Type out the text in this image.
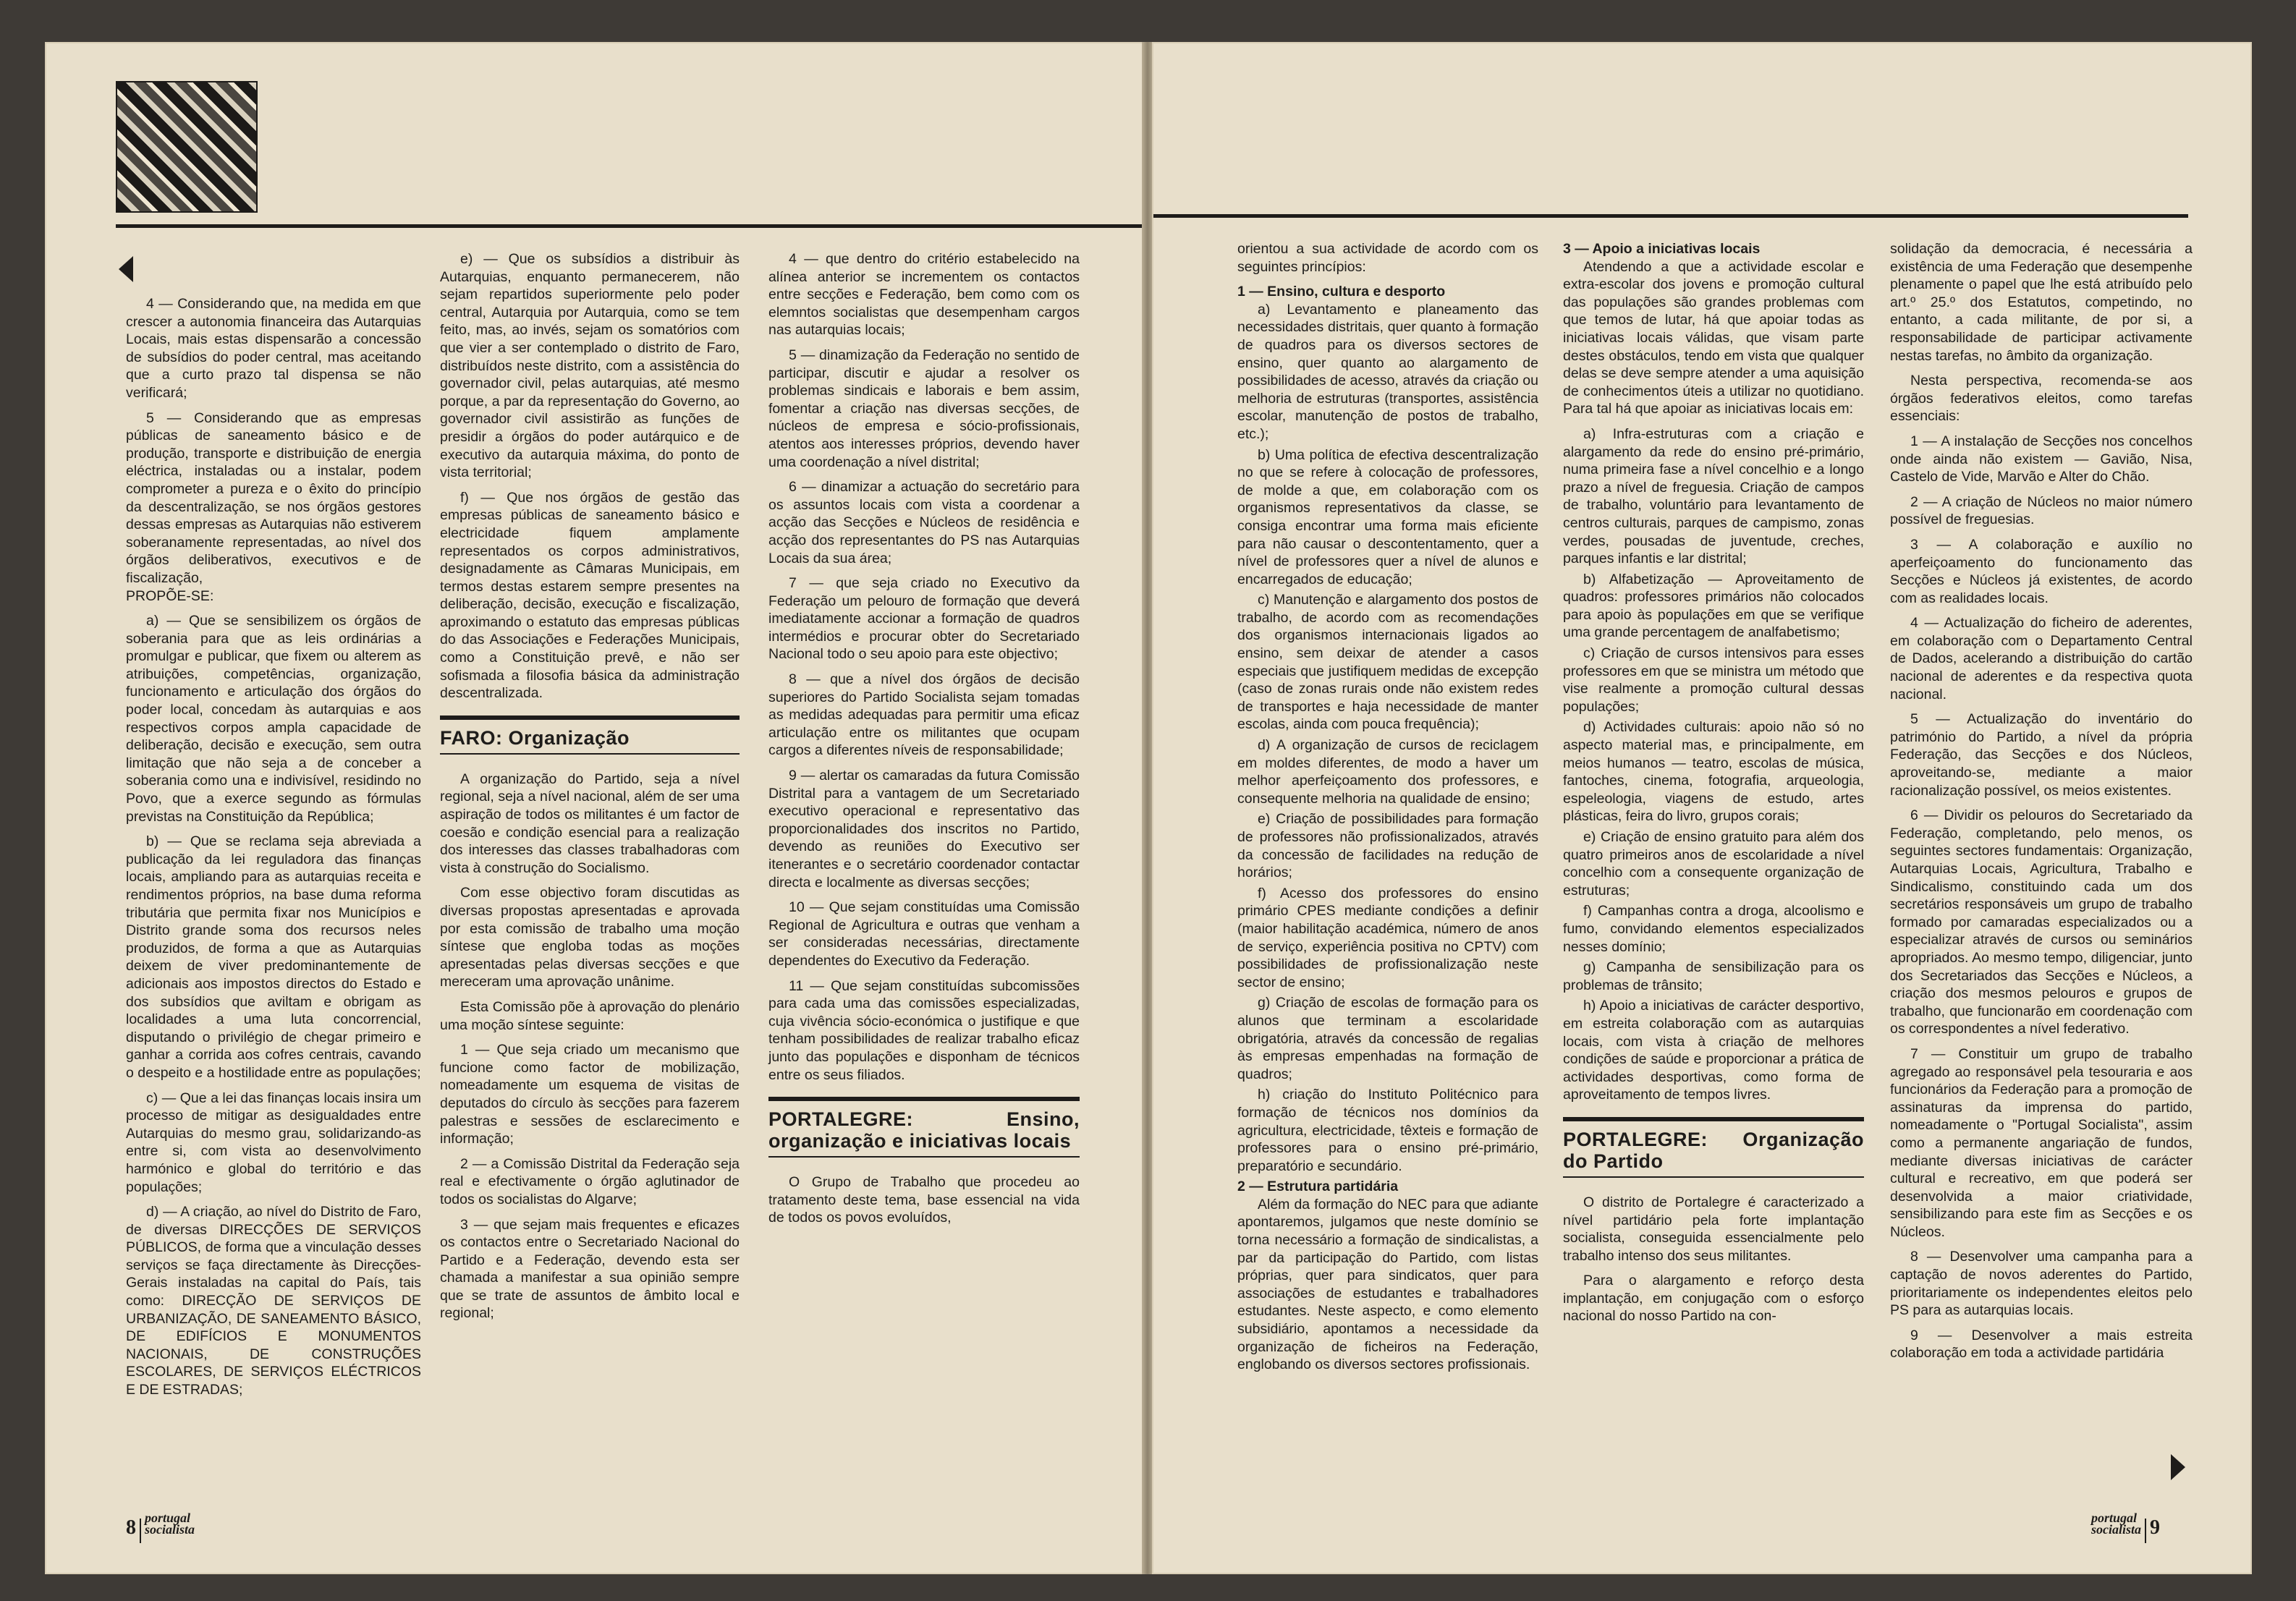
4 — Considerando que, na medida em que crescer a autonomia financeira das Autarquias Locais, mais estas dispensarão a concessão de subsídios do poder central, mas aceitando que a curto prazo tal dispensa se não verificará;

5 — Considerando que as empresas públicas de saneamento básico e de produção, transporte e distribuição de energia eléctrica, instaladas ou a instalar, podem comprometer a pureza e o êxito do princípio da descentralização, se nos órgãos gestores dessas empresas as Autarquias não estiverem soberanamente representadas, ao nível dos órgãos deliberativos, executivos e de fiscalização,
PROPÕE-SE:

a) — Que se sensibilizem os órgãos de soberania para que as leis ordinárias a promulgar e publicar, que fixem ou alterem as atribuições, competências, organização, funcionamento e articulação dos órgãos do poder local, concedam às autarquias e aos respectivos corpos ampla capacidade de deliberação, decisão e execução, sem outra limitação que não seja a de conceber a soberania como una e indivisível, residindo no Povo, que a exerce segundo as fórmulas previstas na Constituição da República;

b) — Que se reclama seja abreviada a publicação da lei reguladora das finanças locais, ampliando para as autarquias receita e rendimentos próprios, na base duma reforma tributária que permita fixar nos Municípios e Distrito grande soma dos recursos neles produzidos, de forma a que as Autarquias deixem de viver predominantemente de adicionais aos impostos directos do Estado e dos subsídios que aviltam e obrigam as localidades a uma luta concorrencial, disputando o privilégio de chegar primeiro e ganhar a corrida aos cofres centrais, cavando o despeito e a hostilidade entre as populações;

c) — Que a lei das finanças locais insira um processo de mitigar as desigualdades entre Autarquias do mesmo grau, solidarizando-as entre si, com vista ao desenvolvimento harmónico e global do território e das populações;

d) — A criação, ao nível do Distrito de Faro, de diversas DIRECÇÕES DE SERVIÇOS PÚBLICOS, de forma que a vinculação desses serviços se faça directamente às Direcções-Gerais instaladas na capital do País, tais como: DIRECÇÃO DE SERVIÇOS DE URBANIZAÇÃO, DE SANEAMENTO BÁSICO, DE EDIFÍCIOS E MONUMENTOS NACIONAIS, DE CONSTRUÇÕES ESCOLARES, DE SERVIÇOS ELÉCTRICOS E DE ESTRADAS;

e) — Que os subsídios a distribuir às Autarquias, enquanto permanecerem, não sejam repartidos superiormente pelo poder central, Autarquia por Autarquia, como se tem feito, mas, ao invés, sejam os somatórios com que vier a ser contemplado o distrito de Faro, distribuídos neste distrito, com a assistência do governador civil, pelas autarquias, até mesmo porque, a par da representação do Governo, ao governador civil assistirão as funções de presidir a órgãos do poder autárquico e de executivo da autarquia máxima, do ponto de vista territorial;

f) — Que nos órgãos de gestão das empresas públicas de saneamento básico e electricidade fiquem amplamente representados os corpos administrativos, designadamente as Câmaras Municipais, em termos destas estarem sempre presentes na deliberação, decisão, execução e fiscalização, aproximando o estatuto das empresas públicas do das Associações e Federações Municipais, como a Constituição prevê, e não ser sofismada a filosofia básica da administração descentralizada.

FARO: Organização

A organização do Partido, seja a nível regional, seja a nível nacional, além de ser uma aspiração de todos os militantes é um factor de coesão e condição esencial para a realização dos interesses das classes trabalhadoras com vista à construção do Socialismo.

Com esse objectivo foram discutidas as diversas propostas apresentadas e aprovada por esta comissão de trabalho uma moção síntese que engloba todas as moções apresentadas pelas diversas secções e que mereceram uma aprovação unânime.

Esta Comissão põe à aprovação do plenário uma moção síntese seguinte:

1 — Que seja criado um mecanismo que funcione como factor de mobilização, nomeadamente um esquema de visitas de deputados do círculo às secções para fazerem palestras e sessões de esclarecimento e informação;

2 — a Comissão Distrital da Federação seja real e efectivamente o órgão aglutinador de todos os socialistas do Algarve;

3 — que sejam mais frequentes e eficazes os contactos entre o Secretariado Nacional do Partido e a Federação, devendo esta ser chamada a manifestar a sua opinião sempre que se trate de assuntos de âmbito local e regional;

4 — que dentro do critério estabelecido na alínea anterior se incrementem os contactos entre secções e Federação, bem como com os elemntos socialistas que desempenham cargos nas autarquias locais;

5 — dinamização da Federação no sentido de participar, discutir e ajudar a resolver os problemas sindicais e laborais e bem assim, fomentar a criação nas diversas secções, de núcleos de empresa e sócio-profissionais, atentos aos interesses próprios, devendo haver uma coordenação a nível distrital;

6 — dinamizar a actuação do secretário para os assuntos locais com vista a coordenar a acção das Secções e Núcleos de residência e acção dos representantes do PS nas Autarquias Locais da sua área;

7 — que seja criado no Executivo da Federação um pelouro de formação que deverá imediatamente accionar a formação de quadros intermédios e procurar obter do Secretariado Nacional todo o seu apoio para este objectivo;

8 — que a nível dos órgãos de decisão superiores do Partido Socialista sejam tomadas as medidas adequadas para permitir uma eficaz articulação entre os militantes que ocupam cargos a diferentes níveis de responsabilidade;

9 — alertar os camaradas da futura Comissão Distrital para a vantagem de um Secretariado executivo operacional e representativo das proporcionalidades dos inscritos no Partido, devendo as reuniões do Executivo ser itenerantes e o secretário coordenador contactar directa e localmente as diversas secções;

10 — Que sejam constituídas uma Comissão Regional de Agricultura e outras que venham a ser consideradas necessárias, directamente dependentes do Executivo da Federação.

11 — Que sejam constituídas subcomissões para cada uma das comissões especializadas, cuja vivência sócio-económica o justifique e que tenham possibilidades de realizar trabalho eficaz junto das populações e disponham de técnicos entre os seus filiados.

PORTALEGRE: Ensino, organização e iniciativas locais

O Grupo de Trabalho que procedeu ao tratamento deste tema, base essencial na vida de todos os povos evoluídos,

orientou a sua actividade de acordo com os seguintes princípios:

1 — Ensino, cultura e desporto

a) Levantamento e planeamento das necessidades distritais, quer quanto à formação de quadros para os diversos sectores de ensino, quer quanto ao alargamento de possibilidades de acesso, através da criação ou melhoria de estruturas (transportes, assistência escolar, manutenção de postos de trabalho, etc.);

b) Uma política de efectiva descentralização no que se refere à colocação de professores, de molde a que, em colaboração com os organismos representativos da classe, se consiga encontrar uma forma mais eficiente para não causar o descontentamento, quer a nível de professores quer a nível de alunos e encarregados de educação;

c) Manutenção e alargamento dos postos de trabalho, de acordo com as recomendações dos organismos internacionais ligados ao ensino, sem deixar de atender a casos especiais que justifiquem medidas de excepção (caso de zonas rurais onde não existem redes de transportes e haja necessidade de manter escolas, ainda com pouca frequência);

d) A organização de cursos de reciclagem em moldes diferentes, de modo a haver um melhor aperfeiçoamento dos professores, e consequente melhoria na qualidade de ensino;

e) Criação de possibilidades para formação de professores não profissionalizados, através da concessão de facilidades na redução de horários;

f) Acesso dos professores do ensino primário CPES mediante condições a definir (maior habilitação académica, número de anos de serviço, experiência positiva no CPTV) com possibilidades de profissionalização neste sector de ensino;

g) Criação de escolas de formação para os alunos que terminam a escolaridade obrigatória, através da concessão de regalias às empresas empenhadas na formação de quadros;

h) criação do Instituto Politécnico para formação de técnicos nos domínios da agricultura, electricidade, têxteis e formação de professores para o ensino pré-primário, preparatório e secundário.

2 — Estrutura partidária

Além da formação do NEC para que adiante apontaremos, julgamos que neste domínio se torna necessário a formação de sindicalistas, a par da participação do Partido, com listas próprias, quer para sindicatos, quer para associações de estudantes e trabalhadores estudantes. Neste aspecto, e como elemento subsidiário, apontamos a necessidade da organização de ficheiros na Federação, englobando os diversos sectores profissionais.

3 — Apoio a iniciativas locais

Atendendo a que a actividade escolar e extra-escolar dos jovens e promoção cultural das populações são grandes problemas com que temos de lutar, há que apoiar todas as iniciativas locais válidas, que visam parte destes obstáculos, tendo em vista que qualquer delas se deve sempre atender a uma aquisição de conhecimentos úteis a utilizar no quotidiano. Para tal há que apoiar as iniciativas locais em:

a) Infra-estruturas com a criação e alargamento da rede do ensino pré-primário, numa primeira fase a nível concelhio e a longo prazo a nível de freguesia. Criação de campos de trabalho, voluntário para levantamento de centros culturais, parques de campismo, zonas verdes, pousadas de juventude, creches, parques infantis e lar distrital;

b) Alfabetização — Aproveitamento de quadros: professores primários não colocados para apoio às populações em que se verifique uma grande percentagem de analfabetismo;

c) Criação de cursos intensivos para esses professores em que se ministra um método que vise realmente a promoção cultural dessas populações;

d) Actividades culturais: apoio não só no aspecto material mas, e principalmente, em meios humanos — teatro, escolas de música, fantoches, cinema, fotografia, arqueologia, espeleologia, viagens de estudo, artes plásticas, feira do livro, grupos corais;

e) Criação de ensino gratuito para além dos quatro primeiros anos de escolaridade a nível concelhio com a consequente organização de estruturas;

f) Campanhas contra a droga, alcoolismo e fumo, convidando elementos especializados nesses domínio;

g) Campanha de sensibilização para os problemas de trânsito;

h) Apoio a iniciativas de carácter desportivo, em estreita colaboração com as autarquias locais, com vista à criação de melhores condições de saúde e proporcionar a prática de actividades desportivas, como forma de aproveitamento de tempos livres.

PORTALEGRE: Organização do Partido

O distrito de Portalegre é caracterizado a nível partidário pela forte implantação socialista, conseguida essencialmente pelo trabalho intenso dos seus militantes.

Para o alargamento e reforço desta implantação, em conjugação com o esforço nacional do nosso Partido na con-

solidação da democracia, é necessária a existência de uma Federação que desempenhe plenamente o papel que lhe está atribuído pelo art.º 25.º dos Estatutos, competindo, no entanto, a cada militante, de por si, a responsabilidade de participar activamente nestas tarefas, no âmbito da organização.

Nesta perspectiva, recomenda-se aos órgãos federativos eleitos, como tarefas essenciais:

1 — A instalação de Secções nos concelhos onde ainda não existem — Gavião, Nisa, Castelo de Vide, Marvão e Alter do Chão.

2 — A criação de Núcleos no maior número possível de freguesias.

3 — A colaboração e auxílio no aperfeiçoamento do funcionamento das Secções e Núcleos já existentes, de acordo com as realidades locais.

4 — Actualização do ficheiro de aderentes, em colaboração com o Departamento Central de Dados, acelerando a distribuição do cartão nacional de aderentes e da respectiva quota nacional.

5 — Actualização do inventário do património do Partido, a nível da própria Federação, das Secções e dos Núcleos, aproveitando-se, mediante a maior racionalização possível, os meios existentes.

6 — Dividir os pelouros do Secretariado da Federação, completando, pelo menos, os seguintes sectores fundamentais: Organização, Autarquias Locais, Agricultura, Trabalho e Sindicalismo, constituindo cada um dos secretários responsáveis um grupo de trabalho formado por camaradas especializados ou a especializar através de cursos ou seminários apropriados. Ao mesmo tempo, diligenciar, junto dos Secretariados das Secções e Núcleos, a criação dos mesmos pelouros e grupos de trabalho, que funcionarão em coordenação com os correspondentes a nível federativo.

7 — Constituir um grupo de trabalho agregado ao responsável pela tesouraria e aos funcionários da Federação para a promoção de assinaturas da imprensa do partido, nomeadamente o "Portugal Socialista", assim como a permanente angariação de fundos, mediante diversas iniciativas de carácter cultural e recreativo, em que poderá ser desenvolvida a maior criatividade, sensibilizando para este fim as Secções e os Núcleos.

8 — Desenvolver uma campanha para a captação de novos aderentes do Partido, prioritariamente os independentes eleitos pelo PS para as autarquias locais.

9 — Desenvolver a mais estreita colaboração em toda a actividade partidária

8 portugal
socialista
portugal
socialista 9
